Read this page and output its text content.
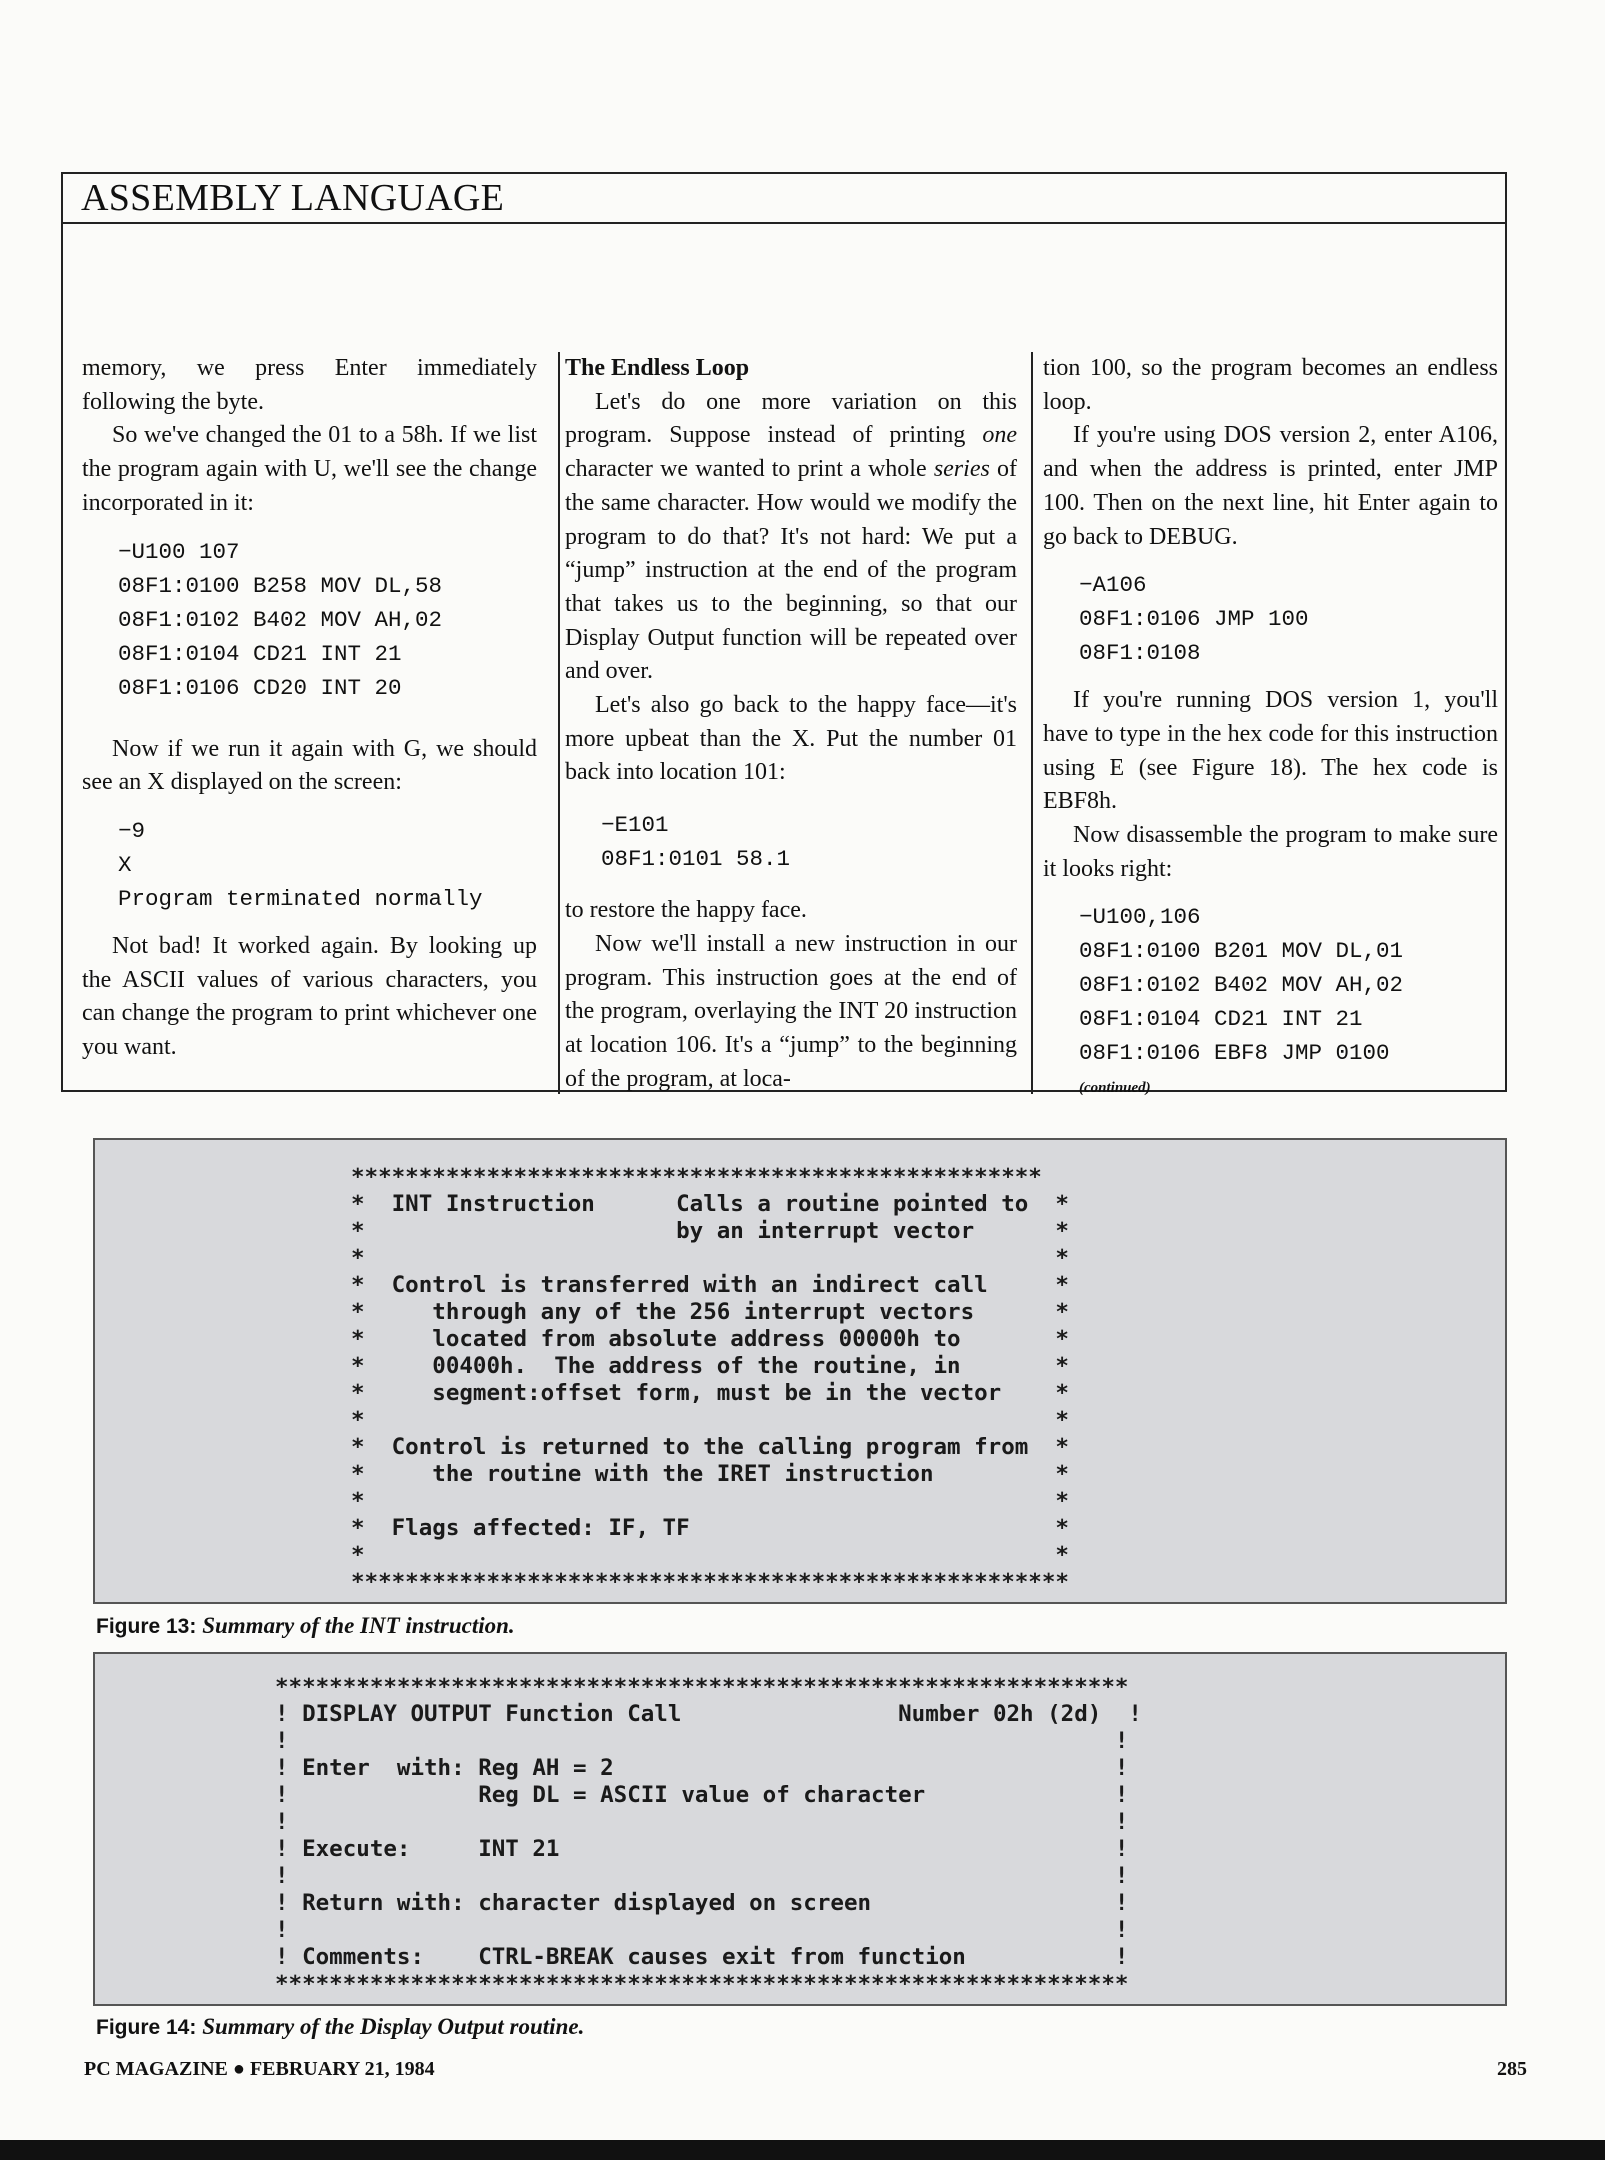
ASSEMBLY LANGUAGE

memory, we press Enter immediately following the byte.

So we've changed the 01 to a 58h. If we list the program again with U, we'll see the change incorporated in it:

−U100 107
08F1:0100 B258 MOV DL,58
08F1:0102 B402 MOV AH,02
08F1:0104 CD21 INT 21
08F1:0106 CD20 INT 20

Now if we run it again with G, we should see an X displayed on the screen:

−9
X
Program terminated normally

Not bad! It worked again. By looking up the ASCII values of various characters, you can change the program to print whichever one you want.

The Endless Loop

Let's do one more variation on this program. Suppose instead of printing one character we wanted to print a whole series of the same character. How would we modify the program to do that? It's not hard: We put a “jump” instruction at the end of the program that takes us to the beginning, so that our Display Output function will be repeated over and over.

Let's also go back to the happy face—it's more upbeat than the X. Put the number 01 back into location 101:

−E101
08F1:0101 58.1

to restore the happy face.

Now we'll install a new instruction in our program. This instruction goes at the end of the program, overlaying the INT 20 instruction at location 106. It's a “jump” to the beginning of the program, at loca-

tion 100, so the program becomes an endless loop.

If you're using DOS version 2, enter A106, and when the address is printed, enter JMP 100. Then on the next line, hit Enter again to go back to DEBUG.

−A106
08F1:0106 JMP 100
08F1:0108

If you're running DOS version 1, you'll have to type in the hex code for this instruction using E (see Figure 18). The hex code is EBF8h.

Now disassemble the program to make sure it looks right:

−U100,106
08F1:0100 B201 MOV DL,01
08F1:0102 B402 MOV AH,02
08F1:0104 CD21 INT 21
08F1:0106 EBF8 JMP 0100
(continued)
***************************************************
*  INT Instruction      Calls a routine pointed to  *
*                       by an interrupt vector      *
*                                                   *
*  Control is transferred with an indirect call     *
*     through any of the 256 interrupt vectors      *
*     located from absolute address 00000h to       *
*     00400h.  The address of the routine, in       *
*     segment:offset form, must be in the vector    *
*                                                   *
*  Control is returned to the calling program from  *
*     the routine with the IRET instruction         *
*                                                   *
*  Flags affected: IF, TF                           *
*                                                   *
*****************************************************
Figure 13: Summary of the INT instruction.
***************************************************************
! DISPLAY OUTPUT Function Call                Number 02h (2d)  !
!                                                             !
! Enter  with: Reg AH = 2                                     !
!              Reg DL = ASCII value of character              !
!                                                             !
! Execute:     INT 21                                         !
!                                                             !
! Return with: character displayed on screen                  !
!                                                             !
! Comments:    CTRL-BREAK causes exit from function           !
***************************************************************
Figure 14: Summary of the Display Output routine.
PC MAGAZINE ● FEBRUARY 21, 1984	285
